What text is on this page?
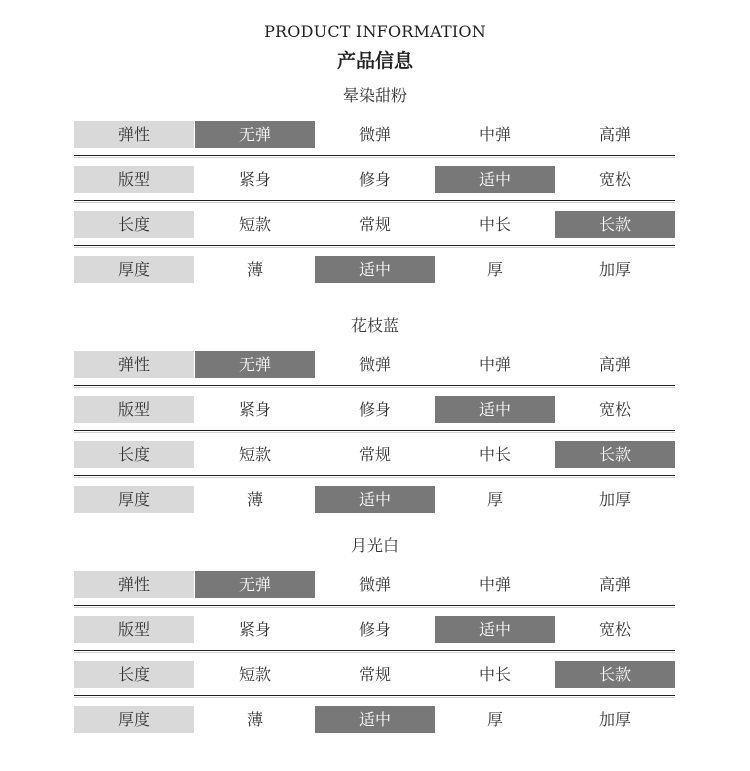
PRODUCT INFORMATION
产品信息
晕染甜粉
弹性	无弹	微弹	中弹	高弹
版型	紧身	修身	适中	宽松
长度	短款	常规	中长	长款
厚度	薄	适中	厚	加厚
花枝蓝
弹性	无弹	微弹	中弹	高弹
版型	紧身	修身	适中	宽松
长度	短款	常规	中长	长款
厚度	薄	适中	厚	加厚
月光白
弹性	无弹	微弹	中弹	高弹
版型	紧身	修身	适中	宽松
长度	短款	常规	中长	长款
厚度	薄	适中	厚	加厚
